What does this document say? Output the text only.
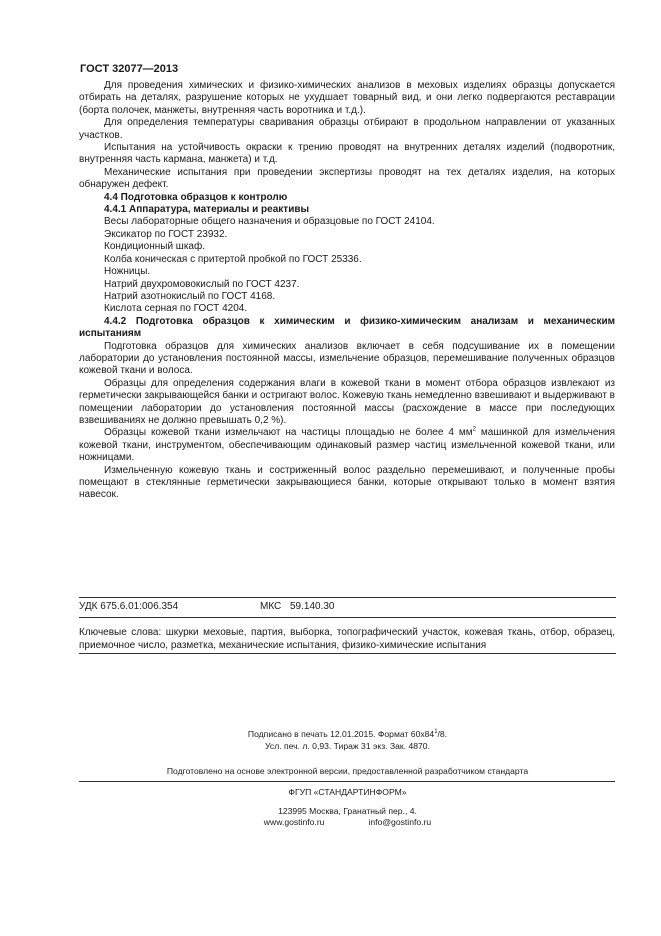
ГОСТ 32077—2013

Для проведения химических и физико-химических анализов в меховых изделиях образцы допускается отбирать на деталях, разрушение которых не ухудшает товарный вид, и они легко подвергаются реставрации (борта полочек, манжеты, внутренняя часть воротника и т.д.).

Для определения температуры сваривания образцы отбирают в продольном направлении от указанных участков.

Испытания на устойчивость окраски к трению проводят на внутренних деталях изделий (подворотник, внутренняя часть кармана, манжета) и т.д.

Механические испытания при проведении экспертизы проводят на тех деталях изделия, на которых обнаружен дефект.

4.4 Подготовка образцов к контролю

4.4.1 Аппаратура, материалы и реактивы

Весы лабораторные общего назначения и образцовые по ГОСТ 24104.

Эксикатор по ГОСТ 23932.

Кондиционный шкаф.

Колба коническая с притертой пробкой по ГОСТ 25336.

Ножницы.

Натрий двухромовокислый по ГОСТ 4237.

Натрий азотнокислый по ГОСТ 4168.

Кислота серная по ГОСТ 4204.

4.4.2 Подготовка образцов к химическим и физико-химическим анализам и механическим испытаниям

Подготовка образцов для химических анализов включает в себя подсушивание их в помещении лаборатории до установления постоянной массы, измельчение образцов, перемешивание полученных образцов кожевой ткани и волоса.

Образцы для определения содержания влаги в кожевой ткани в момент отбора образцов извлекают из герметически закрывающейся банки и остригают волос. Кожевую ткань немедленно взвешивают и выдерживают в помещении лаборатории до установления постоянной массы (расхождение в массе при последующих взвешиваниях не должно превышать 0,2 %).

Образцы кожевой ткани измельчают на частицы площадью не более 4 $мм^2$ машинкой для измельчения кожевой ткани, инструментом, обеспечивающим одинаковый размер частиц измельченной кожевой ткани, или ножницами.

Измельченную кожевую ткань и состриженный волос раздельно перемешивают, и полученные пробы помещают в стеклянные герметически закрывающиеся банки, которые открывают только в момент взятия навесок.

УДК 675.6.01:006.354	МКС 59.140.30
Ключевые слова: шкурки меховые, партия, выборка, топографический участок, кожевая ткань, отбор, образец, приемочное число, разметка, механические испытания, физико-химические испытания
Подписано в печать 12.01.2015. Формат $60x84^1/8$.
Усл. печ. л. 0,93. Тираж 31 экз. Зак. 4870.
Подготовлено на основе электронной версии, предоставленной разработчиком стандарта
ФГУП «СТАНДАРТИНФОРМ»
123995 Москва, Гранатный пер., 4.
www.gostinfo.ru	info@gostinfo.ru
